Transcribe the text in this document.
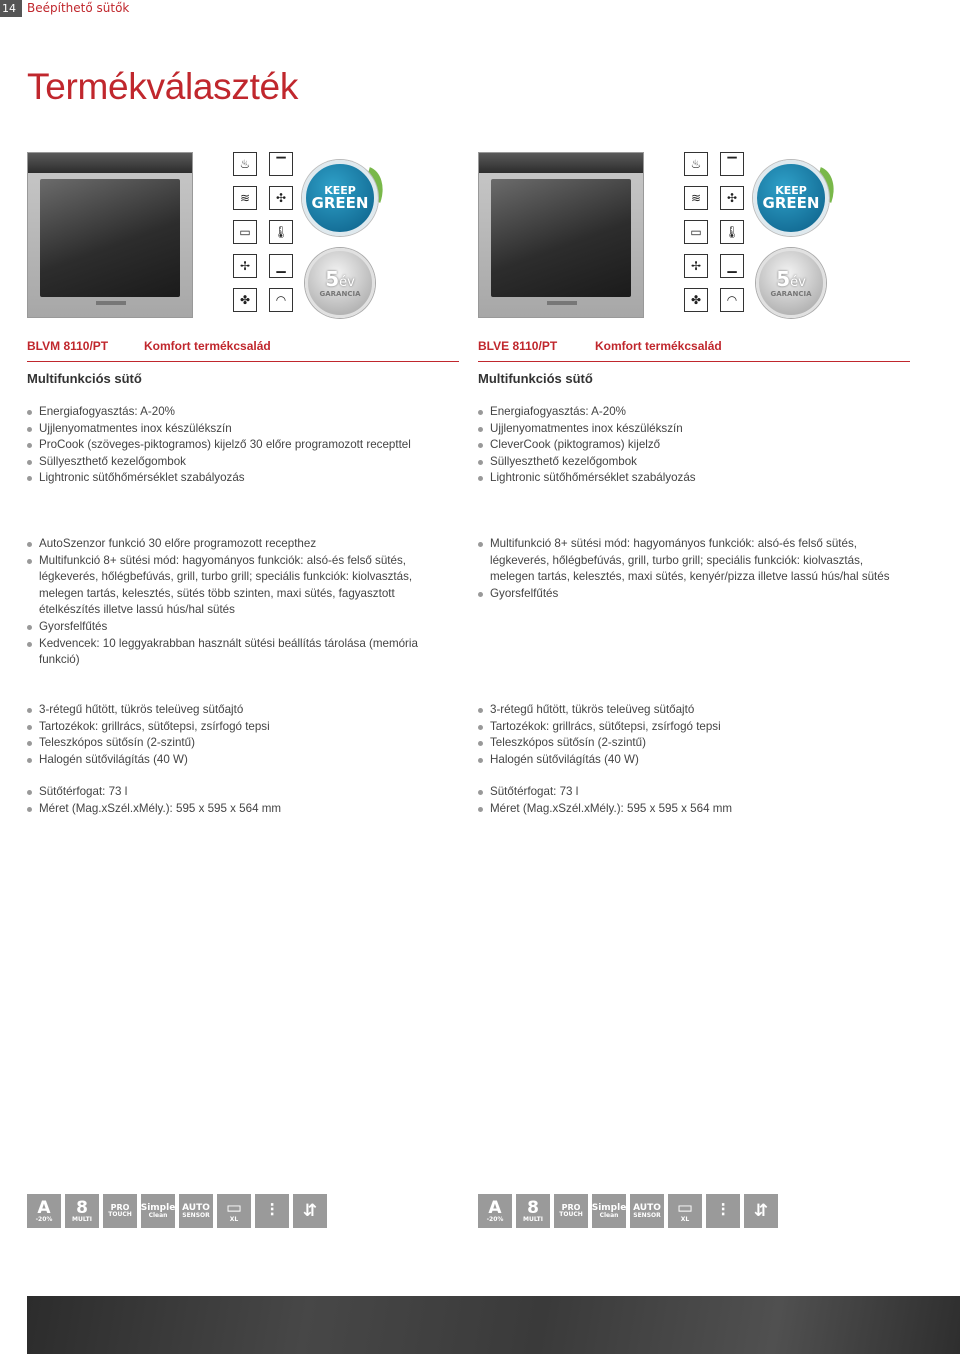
14 Beépíthető sütők
Termékválaszték
♨	▔
≋	✣
▭	🌡
✢	▁
✤	◠
KEEP
GREEN
5év
GARANCIA
BLVM 8110/PT	Komfort termékcsalád
Multifunkciós sütő
Energiafogyasztás: A-20%
Ujjlenyomatmentes inox készülékszín
ProCook (szöveges-piktogramos) kijelző 30 előre programozott recepttel
Süllyeszthető kezelőgombok
Lightronic sütőhőmérséklet szabályozás
AutoSzenzor funkció 30 előre programozott recepthez
Multifunkció 8+ sütési mód: hagyományos funkciók: alsó-és felső sütés, légkeverés, hőlégbefúvás, grill, turbo grill; speciális funkciók: kiolvasztás, melegen tartás, kelesztés, sütés több szinten, maxi sütés, fagyasztott ételkészítés illetve lassú hús/hal sütés
Gyorsfelfűtés
Kedvencek: 10 leggyakrabban használt sütési beállítás tárolása (memória funkció)
3-rétegű hűtött, tükrös teleüveg sütőajtó
Tartozékok: grillrács, sütőtepsi, zsírfogó tepsi
Teleszkópos sütősín (2-szintű)
Halogén sütővilágítás (40 W)
Sütőtérfogat: 73 l
Méret (Mag.xSzél.xMély.): 595 x 595 x 564 mm
A
-20%
8
MULTI
PRO
TOUCH
Simple
Clean
AUTO
SENSOR ▭
XL ⫶ ⇵
♨	▔
≋	✣
▭	🌡
✢	▁
✤	◠
KEEP
GREEN
5év
GARANCIA
BLVE 8110/PT	Komfort termékcsalád
Multifunkciós sütő
Energiafogyasztás: A-20%
Ujjlenyomatmentes inox készülékszín
CleverCook (piktogramos) kijelző
Süllyeszthető kezelőgombok
Lightronic sütőhőmérséklet szabályozás
Multifunkció 8+ sütési mód: hagyományos funkciók: alsó-és felső sütés, légkeverés, hőlégbefúvás, grill, turbo grill; speciális funkciók: kiolvasztás, melegen tartás, kelesztés, maxi sütés, kenyér/pizza illetve lassú hús/hal sütés
Gyorsfelfűtés
3-rétegű hűtött, tükrös teleüveg sütőajtó
Tartozékok: grillrács, sütőtepsi, zsírfogó tepsi
Teleszkópos sütősín (2-szintű)
Halogén sütővilágítás (40 W)
Sütőtérfogat: 73 l
Méret (Mag.xSzél.xMély.): 595 x 595 x 564 mm
A
-20%
8
MULTI
PRO
TOUCH
Simple
Clean
AUTO
SENSOR ▭
XL ⫶ ⇵
